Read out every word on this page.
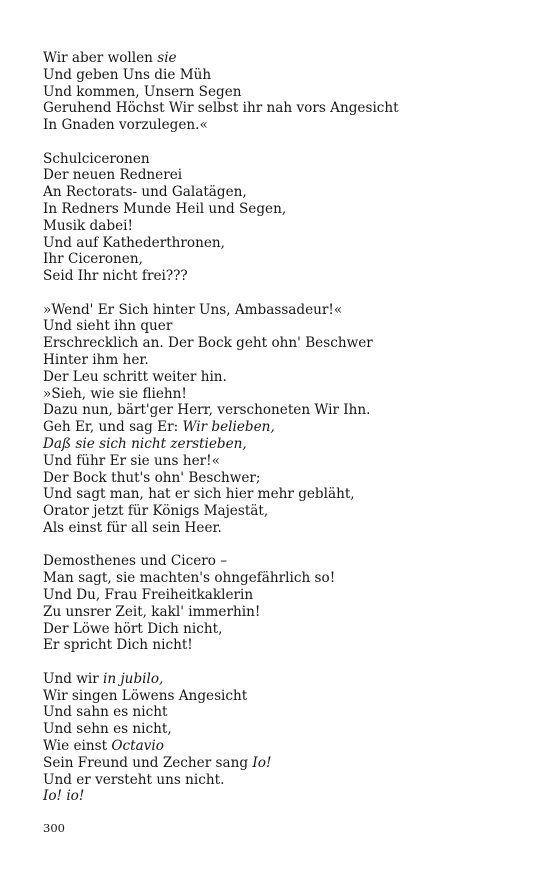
Wir aber wollen sie
Und geben Uns die Müh
Und kommen, Unsern Segen
Geruhend Höchst Wir selbst ihr nah vors Angesicht
In Gnaden vorzulegen.«
Schulciceronen
Der neuen Rednerei
An Rectorats- und Galatägen,
In Redners Munde Heil und Segen,
Musik dabei!
Und auf Kathederthronen,
Ihr Ciceronen,
Seid Ihr nicht frei???
»Wend' Er Sich hinter Uns, Ambassadeur!«
Und sieht ihn quer
Erschrecklich an. Der Bock geht ohn' Beschwer
Hinter ihm her.
Der Leu schritt weiter hin.
»Sieh, wie sie fliehn!
Dazu nun, bärt'ger Herr, verschoneten Wir Ihn.
Geh Er, und sag Er: Wir belieben,
Daß sie sich nicht zerstieben,
Und führ Er sie uns her!«
Der Bock thut's ohn' Beschwer;
Und sagt man, hat er sich hier mehr gebläht,
Orator jetzt für Königs Majestät,
Als einst für all sein Heer.
Demosthenes und Cicero –
Man sagt, sie machten's ohngefährlich so!
Und Du, Frau Freiheitkaklerin
Zu unsrer Zeit, kakl' immerhin!
Der Löwe hört Dich nicht,
Er spricht Dich nicht!
Und wir in jubilo,
Wir singen Löwens Angesicht
Und sahn es nicht
Und sehn es nicht,
Wie einst Octavio
Sein Freund und Zecher sang Io!
Und er versteht uns nicht.
Io! io!

300
